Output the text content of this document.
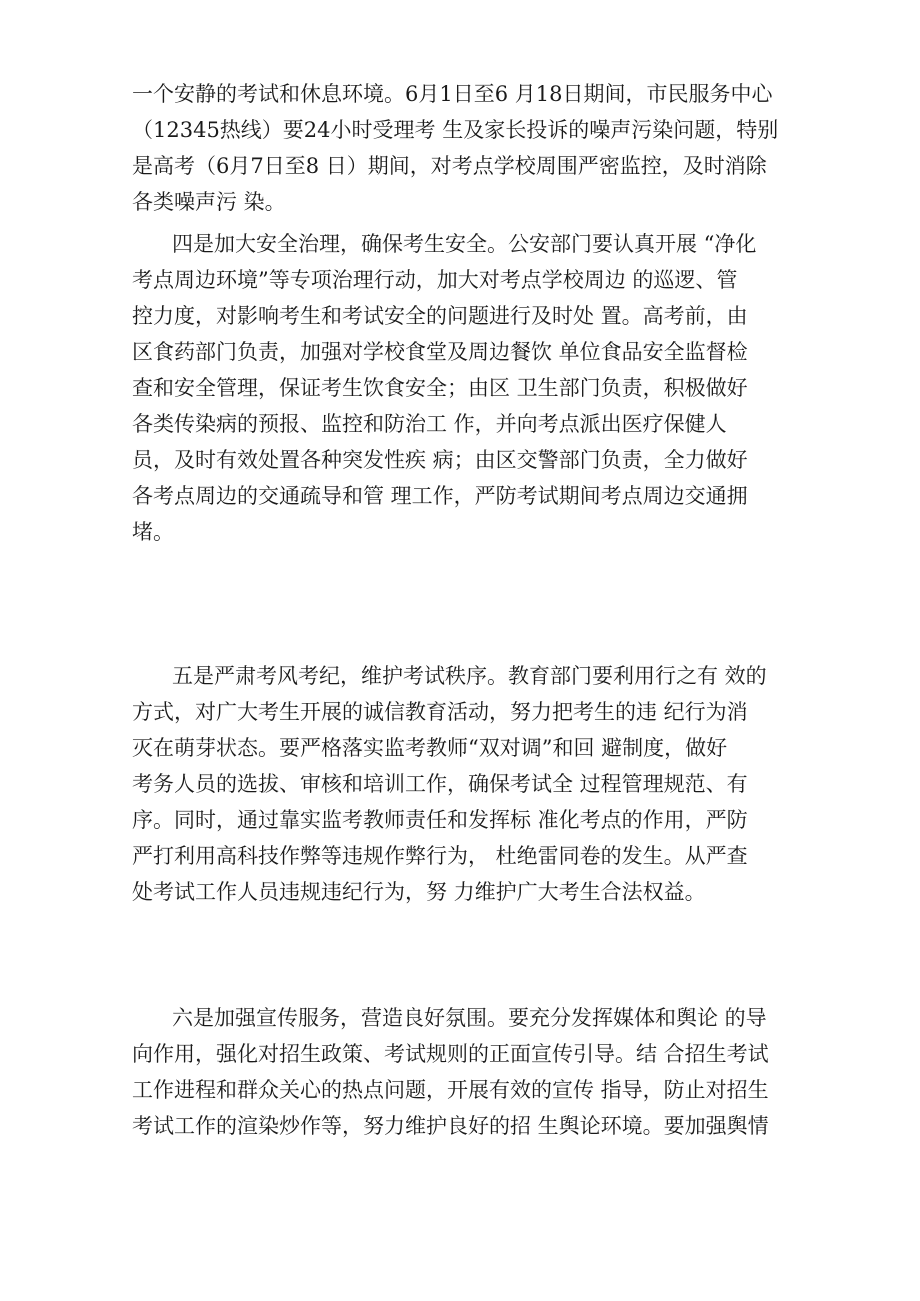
一个安静的考试和休息环境。6月1日至6 月18日期间，市民服务中心
（12345热线）要24小时受理考 生及家长投诉的噪声污染问题，特别
是高考（6月7日至8 日）期间，对考点学校周围严密监控，及时消除
各类噪声污 染。
四是加大安全治理，确保考生安全。公安部门要认真开展 “净化
考点周边环境”等专项治理行动，加大对考点学校周边 的巡逻、管
控力度，对影响考生和考试安全的问题进行及时处 置。高考前，由
区食药部门负责，加强对学校食堂及周边餐饮 单位食品安全监督检
查和安全管理，保证考生饮食安全；由区 卫生部门负责，积极做好
各类传染病的预报、监控和防治工 作，并向考点派出医疗保健人
员，及时有效处置各种突发性疾 病；由区交警部门负责，全力做好
各考点周边的交通疏导和管 理工作，严防考试期间考点周边交通拥
堵。
五是严肃考风考纪，维护考试秩序。教育部门要利用行之有 效的
方式，对广大考生开展的诚信教育活动，努力把考生的违 纪行为消
灭在萌芽状态。要严格落实监考教师“双对调”和回 避制度，做好
考务人员的选拔、审核和培训工作，确保考试全 过程管理规范、有
序。同时，通过靠实监考教师责任和发挥标 准化考点的作用，严防
严打利用高科技作弊等违规作弊行为， 杜绝雷同卷的发生。从严查
处考试工作人员违规违纪行为，努 力维护广大考生合法权益。
六是加强宣传服务，营造良好氛围。要充分发挥媒体和舆论 的导
向作用，强化对招生政策、考试规则的正面宣传引导。结 合招生考试
工作进程和群众关心的热点问题，开展有效的宣传 指导，防止对招生
考试工作的渲染炒作等，努力维护良好的招 生舆论环境。要加强舆情
